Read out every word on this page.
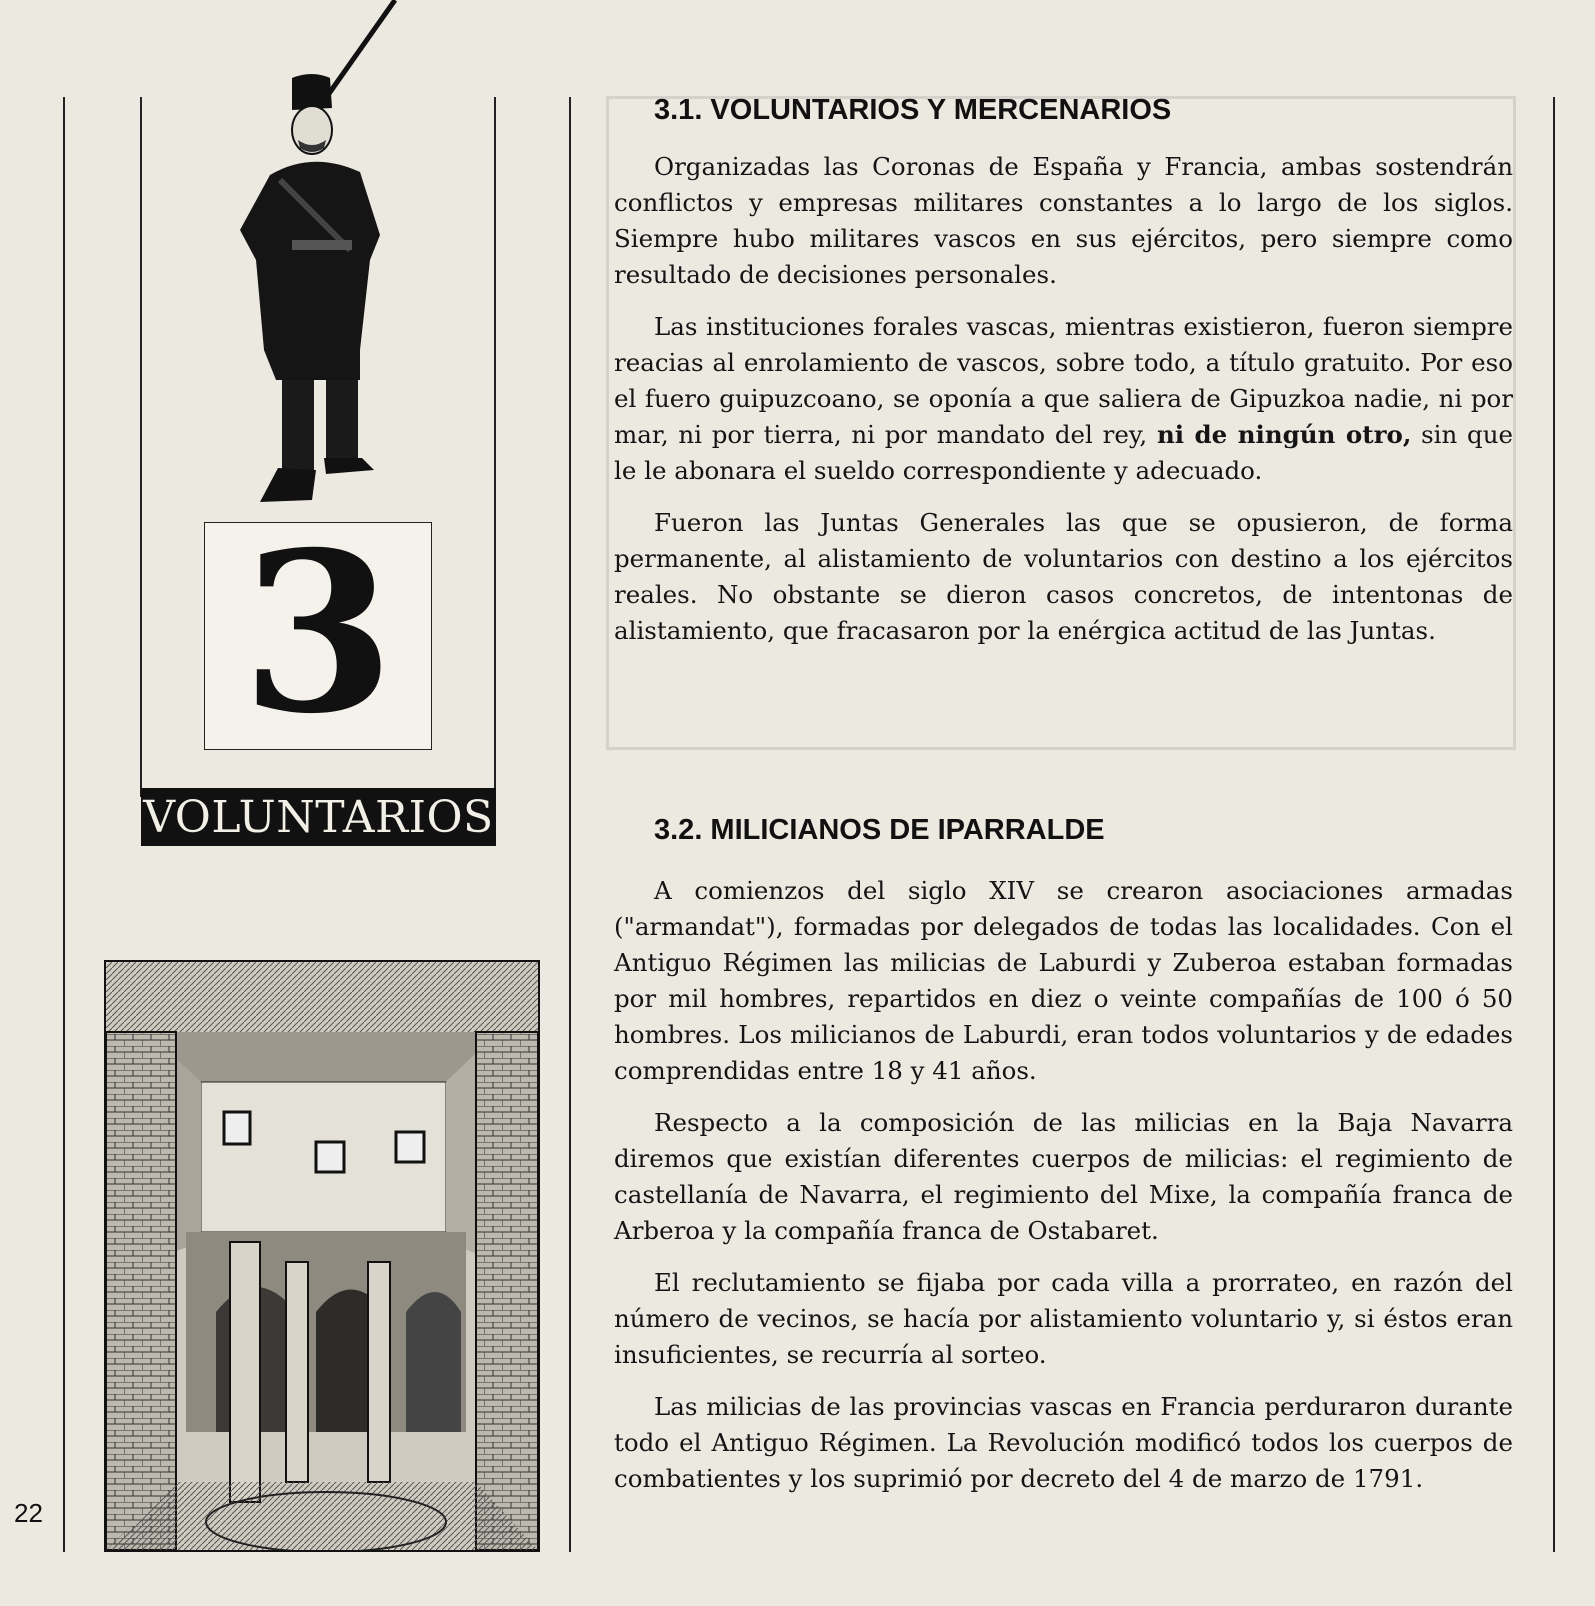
3
VOLUNTARIOS
3.1. VOLUNTARIOS Y MERCENARIOS

Organizadas las Coronas de España y Francia, ambas sostendrán conflictos y empresas militares constantes a lo largo de los siglos. Siempre hubo militares vascos en sus ejércitos, pero siempre como resultado de decisiones personales.

Las instituciones forales vascas, mientras existieron, fueron siempre reacias al enrolamiento de vascos, sobre todo, a título gratuito. Por eso el fuero guipuzcoano, se oponía a que saliera de Gipuzkoa nadie, ni por mar, ni por tierra, ni por mandato del rey, ni de ningún otro, sin que le le abonara el sueldo correspondiente y adecuado.

Fueron las Juntas Generales las que se opusieron, de forma permanente, al alistamiento de voluntarios con destino a los ejércitos reales. No obstante se dieron casos concretos, de intentonas de alistamiento, que fracasaron por la enérgica actitud de las Juntas.

3.2. MILICIANOS DE IPARRALDE

A comienzos del siglo XIV se crearon asociaciones armadas ("armandat"), formadas por delegados de todas las localidades. Con el Antiguo Régimen las milicias de Laburdi y Zuberoa estaban formadas por mil hombres, repartidos en diez o veinte compañías de 100 ó 50 hombres. Los milicianos de Laburdi, eran todos voluntarios y de edades comprendidas entre 18 y 41 años.

Respecto a la composición de las milicias en la Baja Navarra diremos que existían diferentes cuerpos de milicias: el regimiento de castellanía de Navarra, el regimiento del Mixe, la compañía franca de Arberoa y la compañía franca de Ostabaret.

El reclutamiento se fijaba por cada villa a prorrateo, en razón del número de vecinos, se hacía por alistamiento voluntario y, si éstos eran insuficientes, se recurría al sorteo.

Las milicias de las provincias vascas en Francia perduraron durante todo el Antiguo Régimen. La Revolución modificó todos los cuerpos de combatientes y los suprimió por decreto del 4 de marzo de 1791.

22
